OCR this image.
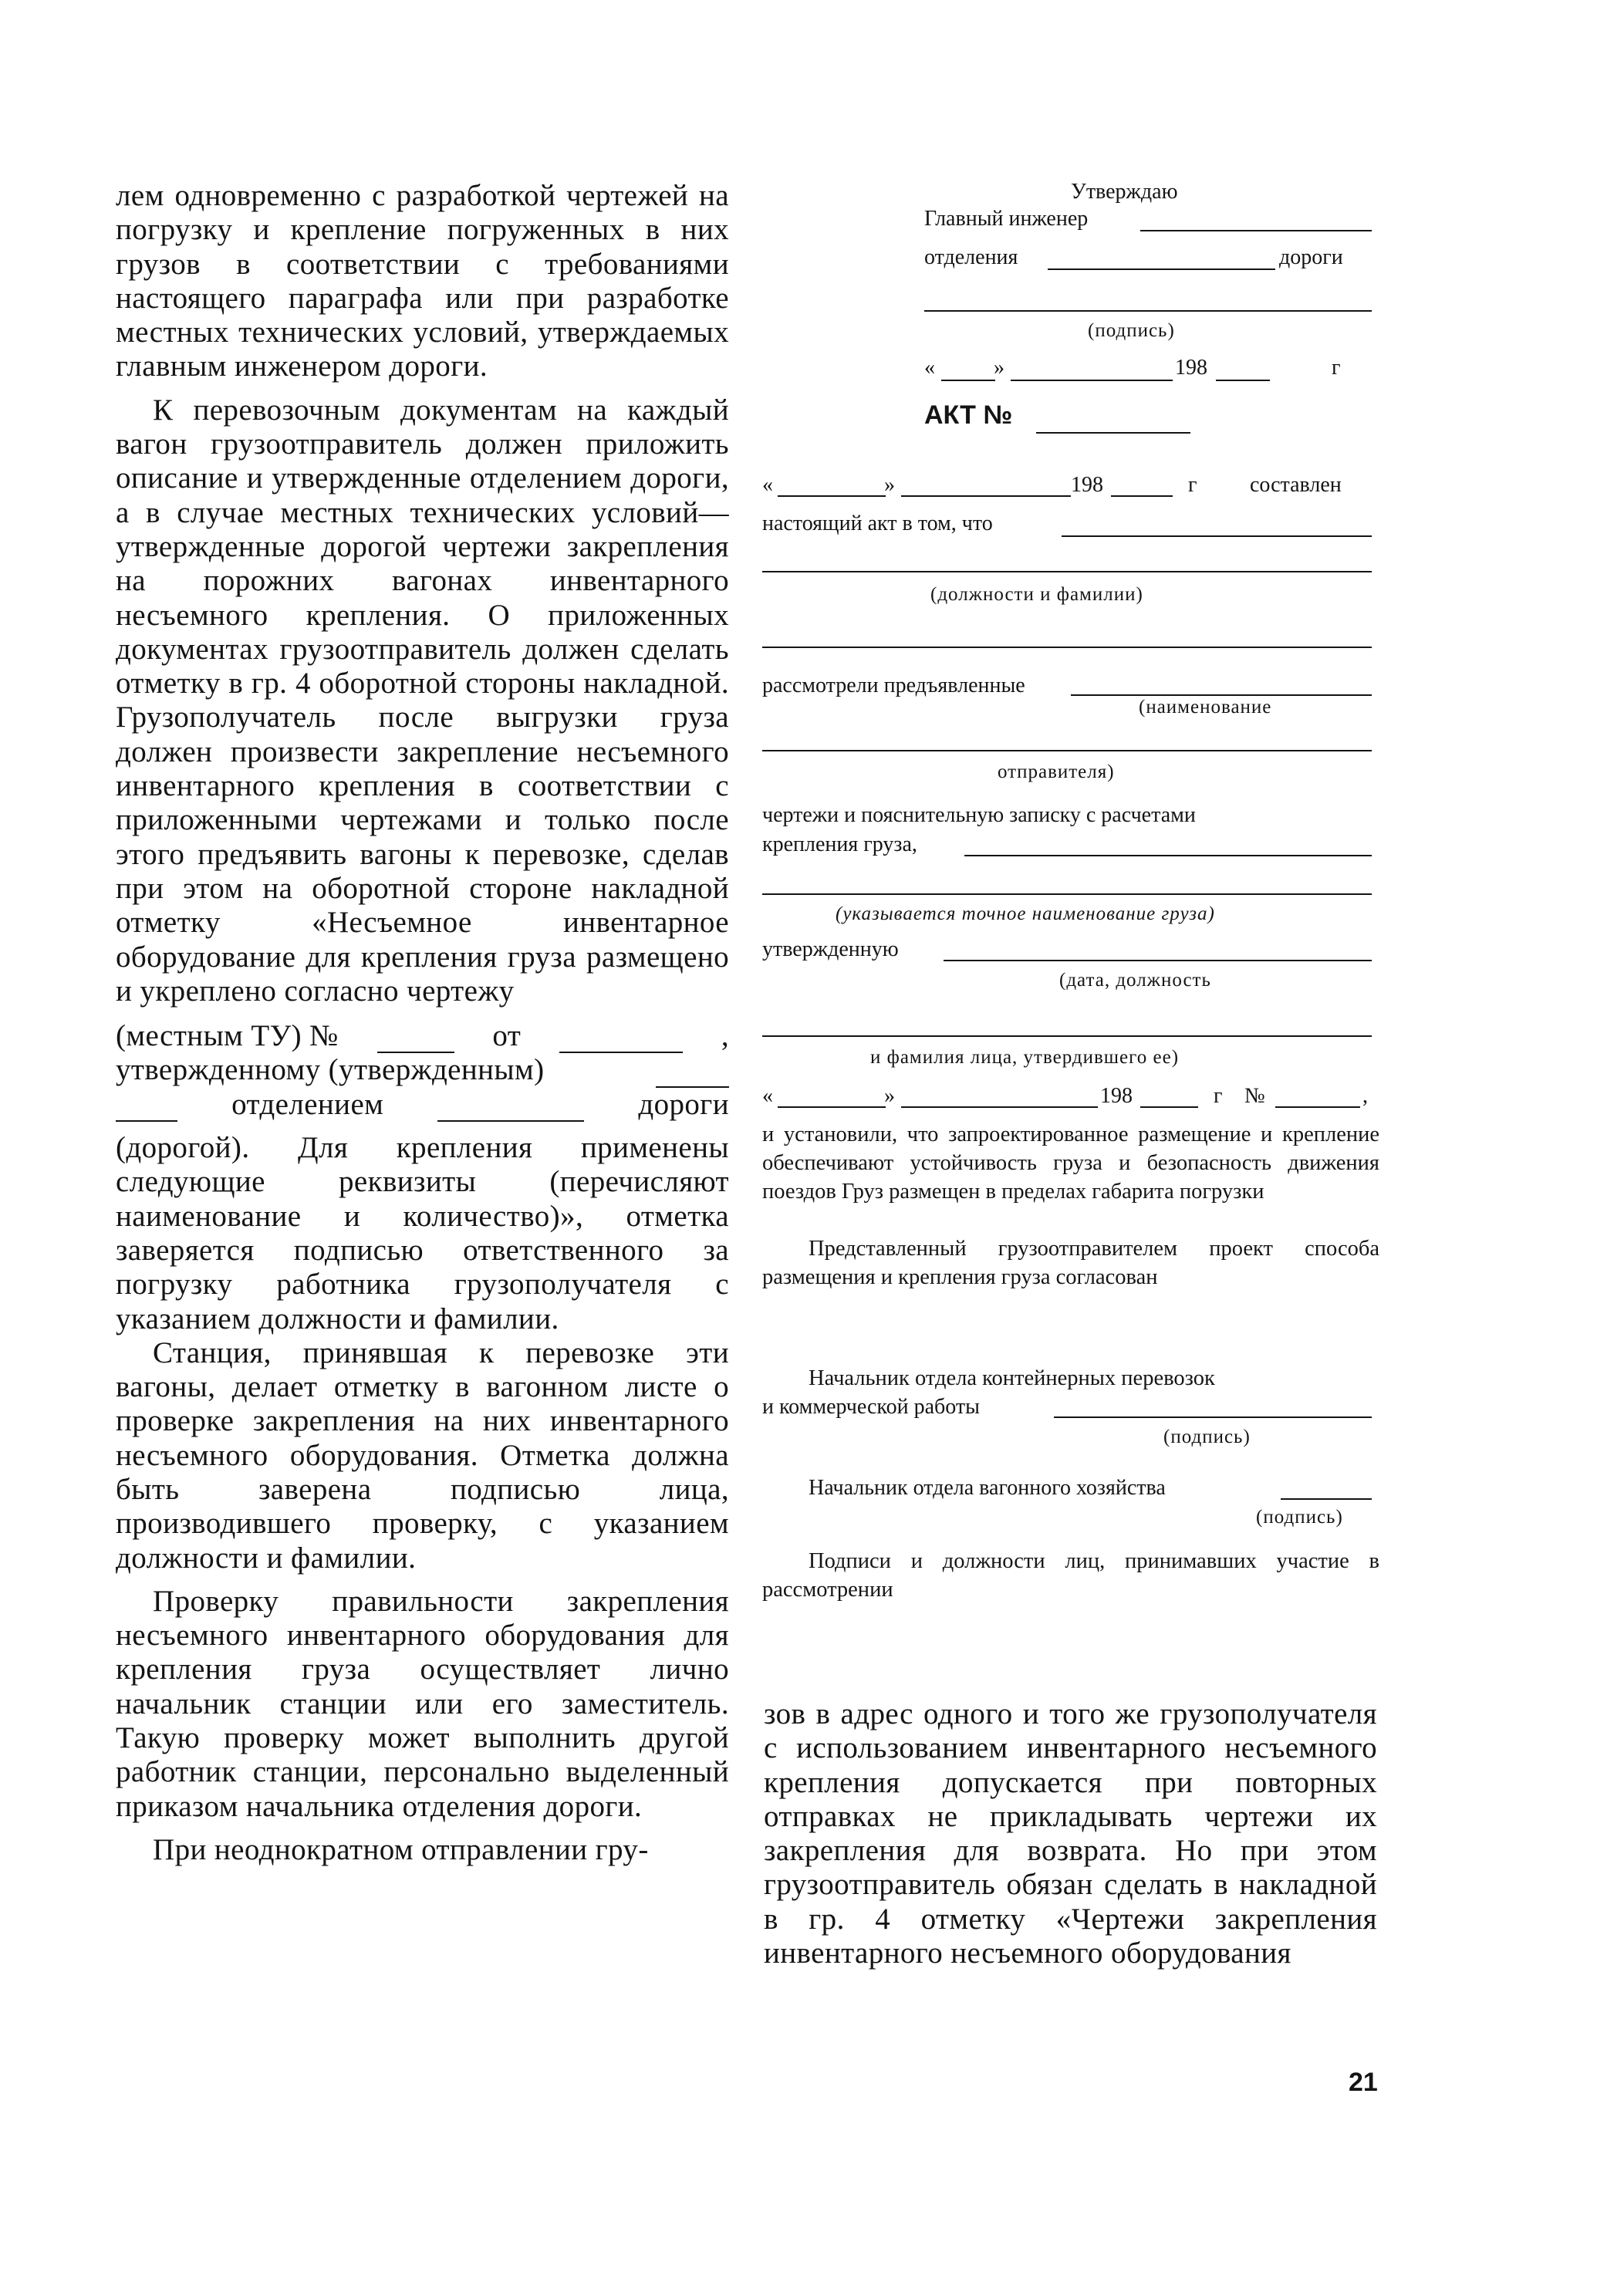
лем одновременно с разработкой чертежей на погрузку и крепление погруженных в них грузов в соответствии с требованиями настоящего параграфа или при разработке местных технических условий, утверждаемых главным инженером дороги.

К перевозочным документам на каждый вагон грузоотправитель должен приложить описание и утвержденные отделением дороги, а в случае местных технических условий—утвержденные дорогой чертежи закрепления на порожних вагонах инвентарного несъемного крепления. О приложенных документах грузоотправитель должен сделать отметку в гр. 4 оборотной стороны накладной. Грузополучатель после выгрузки груза должен произвести закрепление несъемного инвентарного крепления в соответствии с приложенными чертежами и только после этого предъявить вагоны к перевозке, сделав при этом на оборотной стороне накладной отметку «Несъемное инвентарное оборудование для крепления груза размещено и укреплено согласно чертежу

(местным ТУ) №	от	,
утвержденному (утвержденным)
отделением	дороги

(дорогой). Для крепления применены следующие реквизиты (перечисляют наименование и количество)», отметка заверяется подписью ответственного за погрузку работника грузополучателя с указанием должности и фамилии.

Станция, принявшая к перевозке эти вагоны, делает отметку в вагонном листе о проверке закрепления на них инвентарного несъемного оборудования. Отметка должна быть заверена подписью лица, производившего проверку, с указанием должности и фамилии.

Проверку правильности закрепления несъемного инвентарного оборудования для крепления груза осуществляет лично начальник станции или его заместитель. Такую проверку может выполнить другой работник станции, персонально выделенный приказом начальника отделения дороги.

При неоднократном отправлении гру-

Утверждаю
Главный инженер
отделения	дороги
(подпись)
«	»	198	г
АКТ №
«	»	198	г составлен
настоящий акт в том, что
(должности и фамилии)
рассмотрели предъявленные
(наименование
отправителя)
чертежи и пояснительную записку с расчетами
крепления груза,
(указывается точное наименование груза)
утвержденную
(дата, должность
и фамилия лица, утвердившего ее)
«	»	198	г №	,
и установили, что запроектированное размещение и крепление обеспечивают устойчивость груза и безопасность движения поездов Груз размещен в пределах габарита погрузки
Представленный грузоотправителем проект способа размещения и крепления груза согласован
Начальник отдела контейнерных перевозок
и коммерческой работы
(подпись)
Начальник отдела вагонного хозяйства
(подпись)
Подписи и должности лиц, принимавших участие в рассмотрении

зов в адрес одного и того же грузополучателя с использованием инвентарного несъемного крепления допускается при повторных отправках не прикладывать чертежи их закрепления для возврата. Но при этом грузоотправитель обязан сделать в накладной в гр. 4 отметку «Чертежи закрепления инвентарного несъемного оборудования

21
